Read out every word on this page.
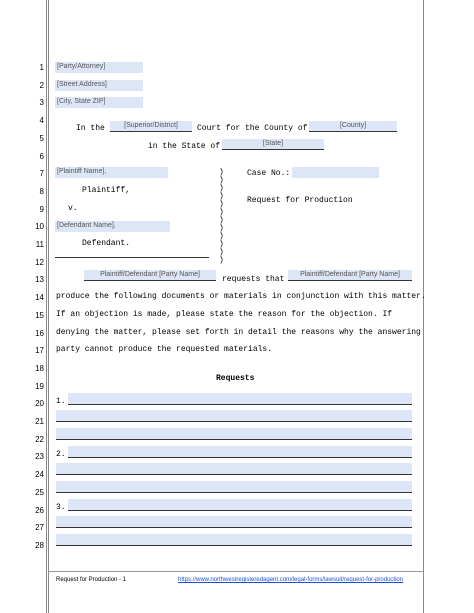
1
2
3
4
5
6
7
8
9
10
11
12
13
14
15
16
17
18
19
20
21
22
23
24
25
26
27
28
[Party/Attorney]
[Street Address]
[City, State ZIP]
In the	[Superior/District]	Court for the County of	[County]
in the State of	[State]
[Plaintiff Name],
Plaintiff,
v.
[Defendant Name],
Defendant.
)
)
)
)
)
)
)
)
)
)
)
)
Case No.:
Request for Production
Plaintiff/Defendant [Party Name]
requests that
Plaintiff/Defendant [Party Name]
produce the following documents or materials in conjunction with this matter.
If an objection is made, please state the reason for the objection. If
denying the matter, please set forth in detail the reasons why the answering
party cannot produce the requested materials.
Requests
1.
2.
3.
Request for Production - 1	https://www.northwestregisteredagent.com/legal-forms/lawsuit/request-for-production
